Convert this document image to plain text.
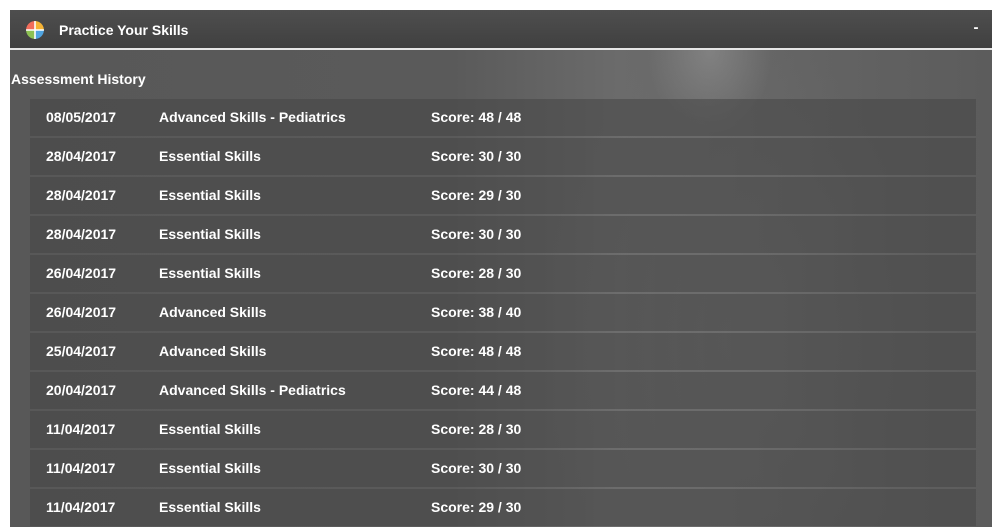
Practice Your Skills	-
Assessment History
08/05/2017	Advanced Skills - Pediatrics	Score: 48 / 48
28/04/2017	Essential Skills	Score: 30 / 30
28/04/2017	Essential Skills	Score: 29 / 30
28/04/2017	Essential Skills	Score: 30 / 30
26/04/2017	Essential Skills	Score: 28 / 30
26/04/2017	Advanced Skills	Score: 38 / 40
25/04/2017	Advanced Skills	Score: 48 / 48
20/04/2017	Advanced Skills - Pediatrics	Score: 44 / 48
11/04/2017	Essential Skills	Score: 28 / 30
11/04/2017	Essential Skills	Score: 30 / 30
11/04/2017	Essential Skills	Score: 29 / 30
